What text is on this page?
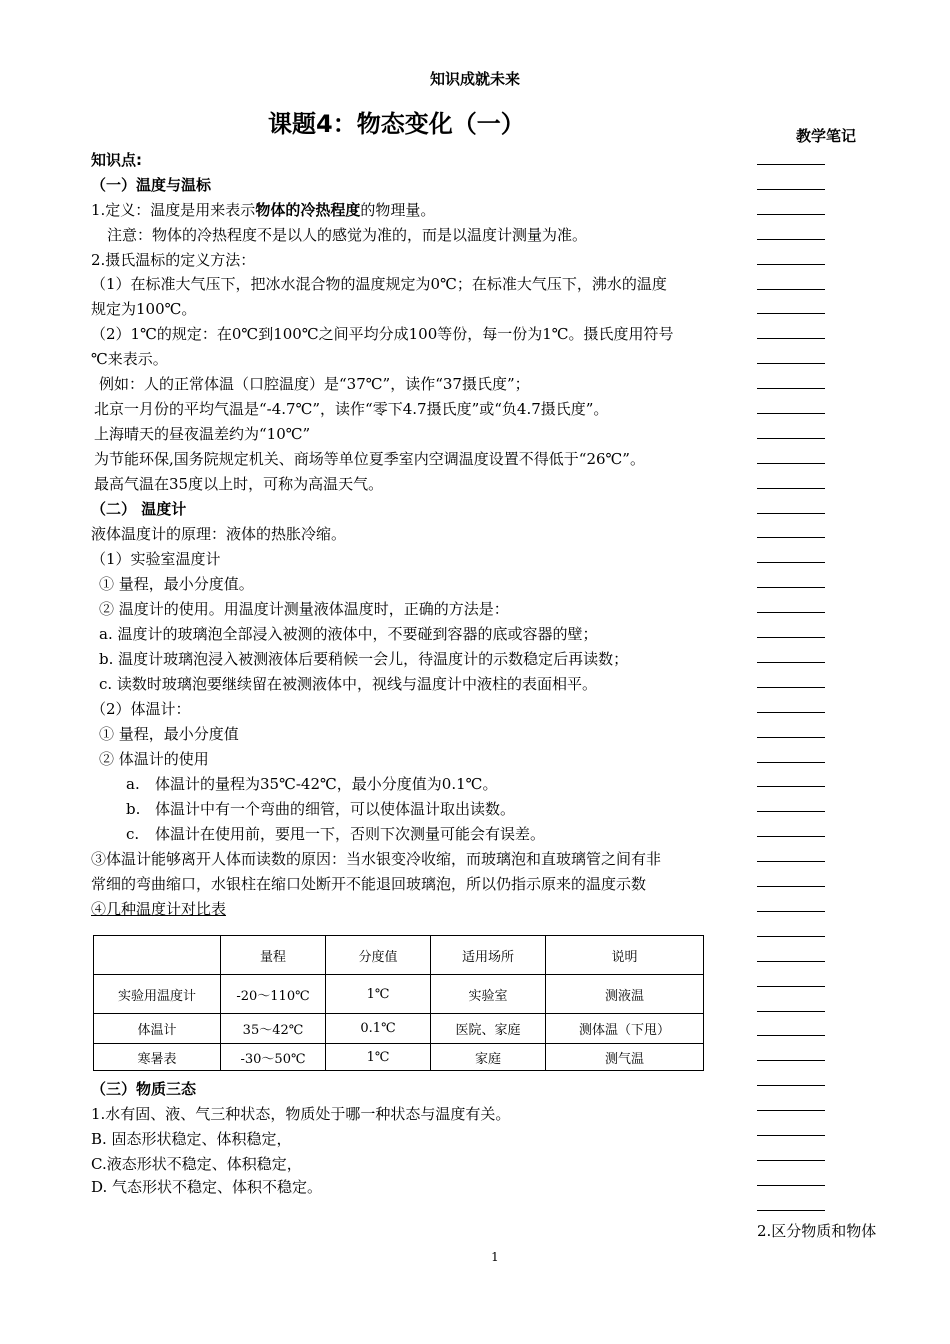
知识成就未来
课题4：物态变化（一）	教学笔记
知识点:
（一）温度与温标
1.定义：温度是用来表示物体的冷热程度的物理量。
注意：物体的冷热程度不是以人的感觉为准的，而是以温度计测量为准。
2.摄氏温标的定义方法：
（1）在标准大气压下，把冰水混合物的温度规定为0℃；在标准大气压下，沸水的温度
规定为100℃。
（2）1℃的规定：在0℃到100℃之间平均分成100等份，每一份为1℃。摄氏度用符号
℃来表示。
例如：人的正常体温（口腔温度）是“37℃”，读作“37摄氏度”；
北京一月份的平均气温是“-4.7℃”，读作“零下4.7摄氏度”或“负4.7摄氏度”。
上海晴天的昼夜温差约为“10℃”
为节能环保,国务院规定机关、商场等单位夏季室内空调温度设置不得低于“26℃”。
最高气温在35度以上时，可称为高温天气。
（二） 温度计
液体温度计的原理：液体的热胀冷缩。
（1）实验室温度计
① 量程，最小分度值。
② 温度计的使用。用温度计测量液体温度时，正确的方法是：
a. 温度计的玻璃泡全部浸入被测的液体中，不要碰到容器的底或容器的壁；
b. 温度计玻璃泡浸入被测液体后要稍候一会儿，待温度计的示数稳定后再读数；
c. 读数时玻璃泡要继续留在被测液体中，视线与温度计中液柱的表面相平。
（2）体温计：
① 量程，最小分度值
② 体温计的使用
a. 体温计的量程为35℃-42℃，最小分度值为0.1℃。
b. 体温计中有一个弯曲的细管，可以使体温计取出读数。
c. 体温计在使用前，要甩一下，否则下次测量可能会有误差。
③体温计能够离开人体而读数的原因：当水银变冷收缩，而玻璃泡和直玻璃管之间有非
常细的弯曲缩口，水银柱在缩口处断开不能退回玻璃泡，所以仍指示原来的温度示数
④几种温度计对比表
	量程	分度值	适用场所	说明
实验用温度计	-20～110℃	1℃	实验室	测液温
体温计	35～42℃	0.1℃	医院、家庭	测体温（下甩）
寒暑表	-30～50℃	1℃	家庭	测气温
（三）物质三态
1.水有固、液、气三种状态，物质处于哪一种状态与温度有关。
B. 固态形状稳定、体积稳定，
C.液态形状不稳定、体积稳定，
D. 气态形状不稳定、体积不稳定。
2.区分物质和物体
1
